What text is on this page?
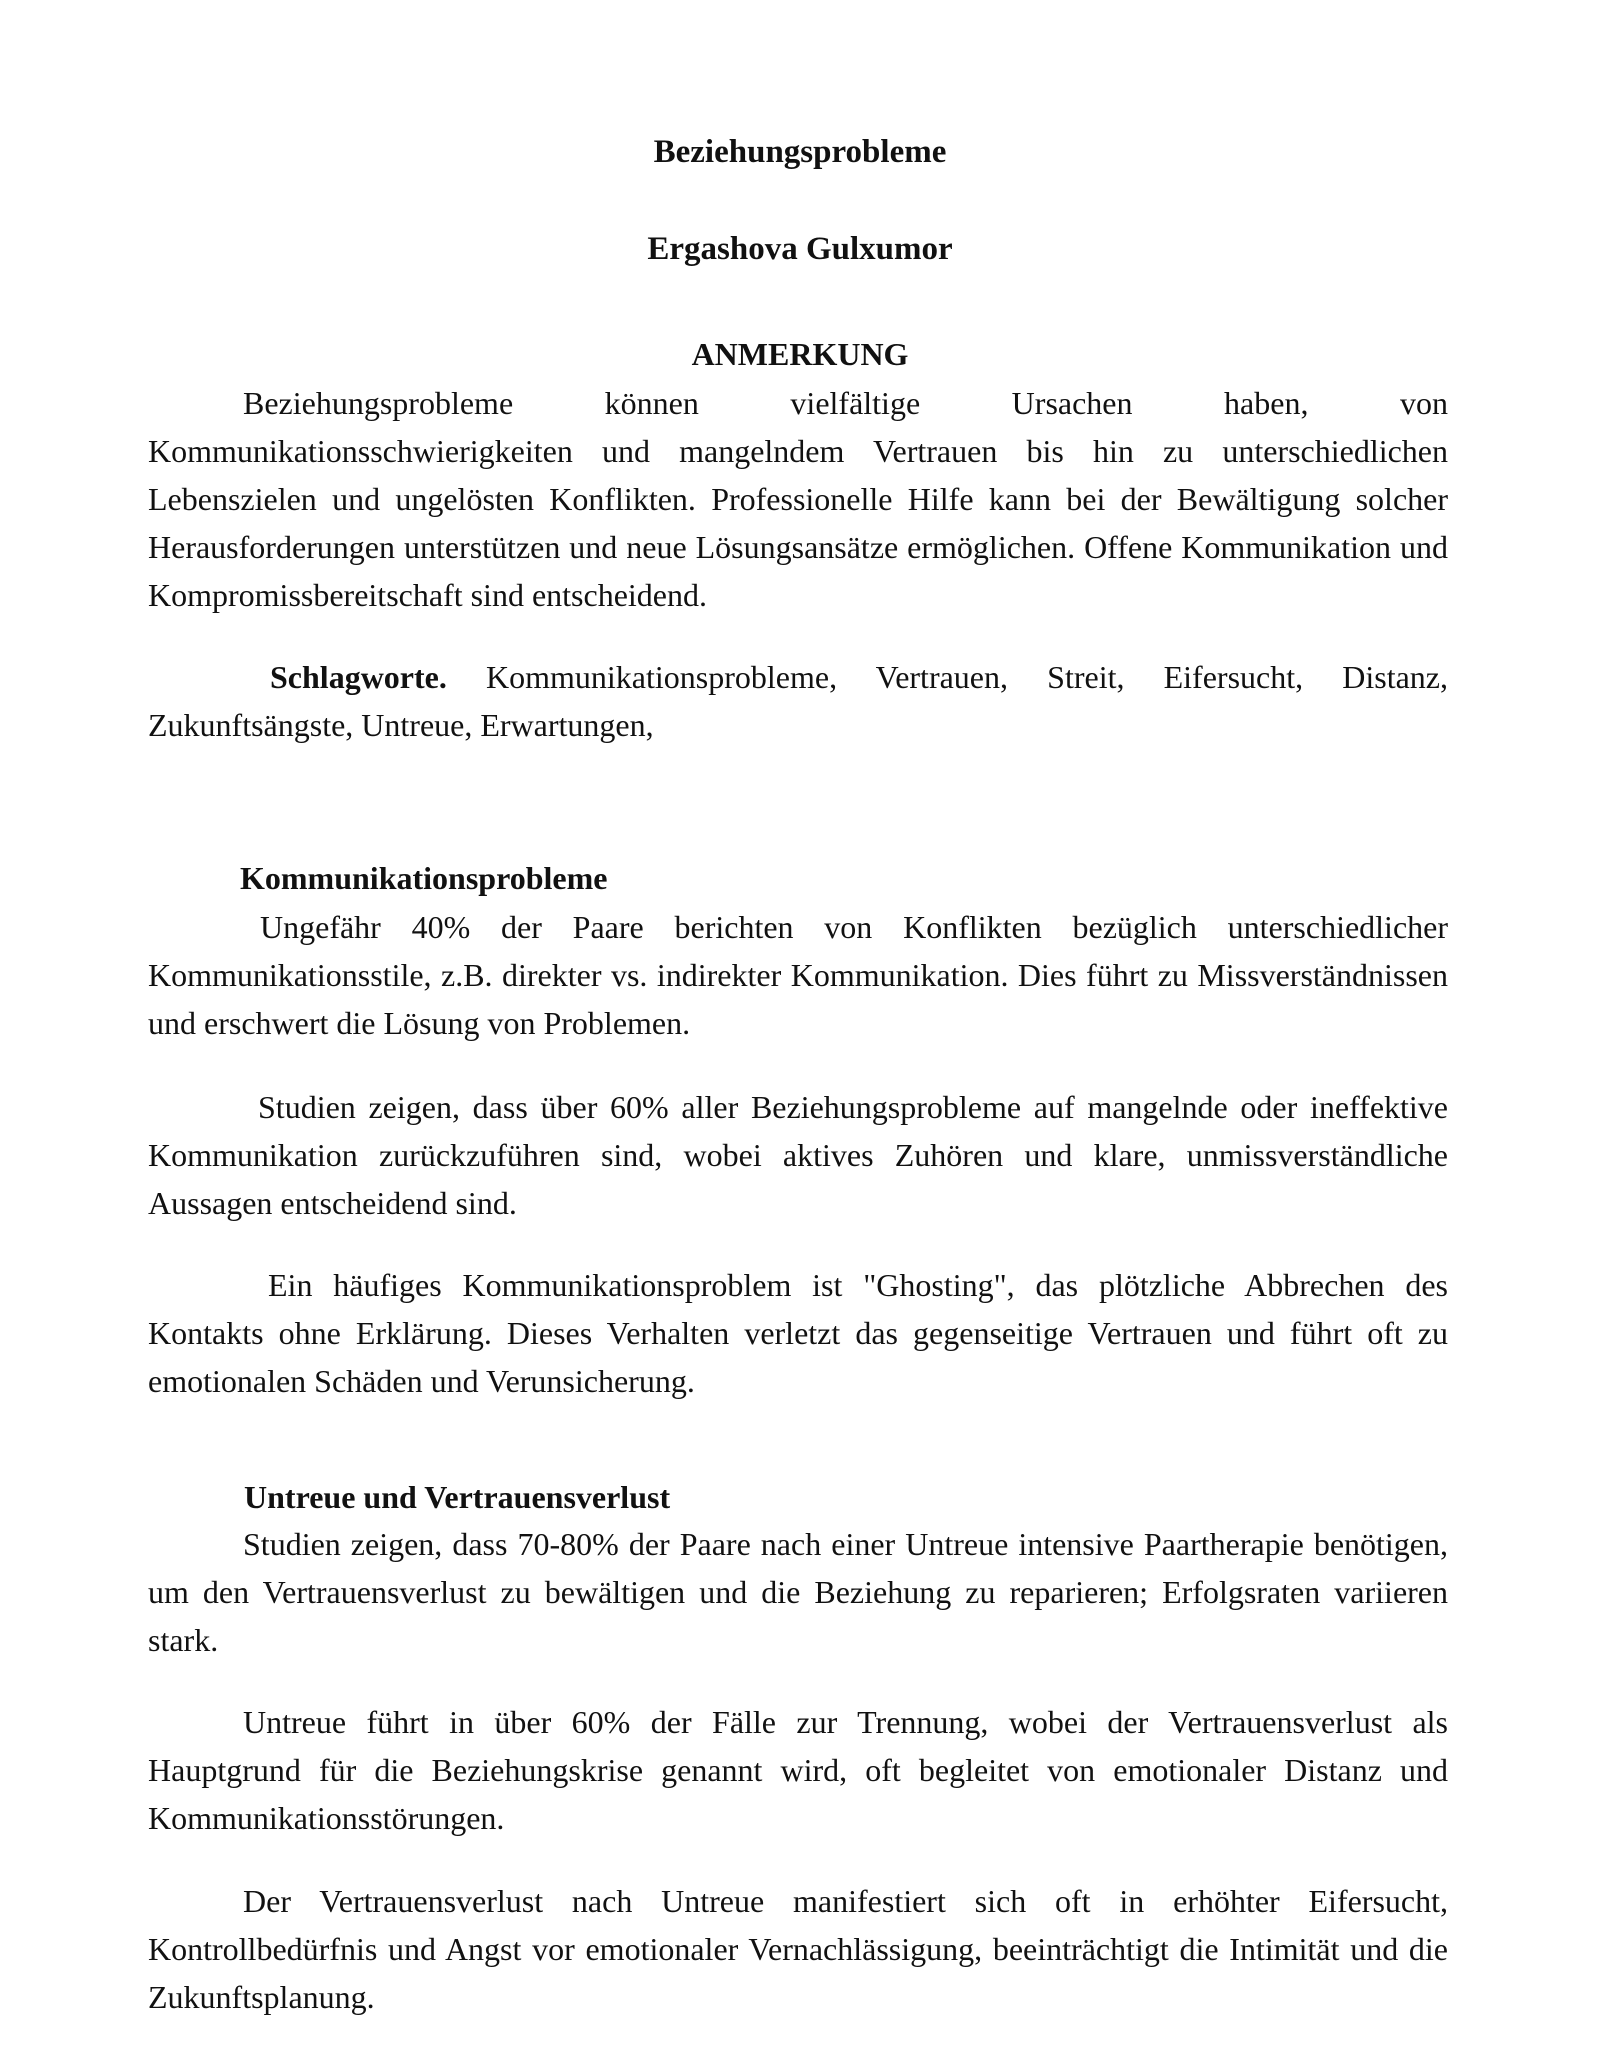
Beziehungsprobleme
Ergashova Gulxumor
ANMERKUNG

Beziehungsprobleme können vielfältige Ursachen haben, von Kommunikationsschwierigkeiten und mangelndem Vertrauen bis hin zu unterschiedlichen Lebenszielen und ungelösten Konflikten. Professionelle Hilfe kann bei der Bewältigung solcher Herausforderungen unterstützen und neue Lösungsansätze ermöglichen. Offene Kommunikation und Kompromissbereitschaft sind entscheidend.

Schlagworte. Kommunikationsprobleme, Vertrauen, Streit, Eifersucht, Distanz, Zukunftsängste, Untreue, Erwartungen,

Kommunikationsprobleme

Ungefähr 40% der Paare berichten von Konflikten bezüglich unterschiedlicher Kommunikationsstile, z.B. direkter vs. indirekter Kommunikation. Dies führt zu Missverständnissen und erschwert die Lösung von Problemen.

Studien zeigen, dass über 60% aller Beziehungsprobleme auf mangelnde oder ineffektive Kommunikation zurückzuführen sind, wobei aktives Zuhören und klare, unmissverständliche Aussagen entscheidend sind.

Ein häufiges Kommunikationsproblem ist "Ghosting", das plötzliche Abbrechen des Kontakts ohne Erklärung. Dieses Verhalten verletzt das gegenseitige Vertrauen und führt oft zu emotionalen Schäden und Verunsicherung.

Untreue und Vertrauensverlust

Studien zeigen, dass 70-80% der Paare nach einer Untreue intensive Paartherapie benötigen, um den Vertrauensverlust zu bewältigen und die Beziehung zu reparieren; Erfolgsraten variieren stark.

Untreue führt in über 60% der Fälle zur Trennung, wobei der Vertrauensverlust als Hauptgrund für die Beziehungskrise genannt wird, oft begleitet von emotionaler Distanz und Kommunikationsstörungen.

Der Vertrauensverlust nach Untreue manifestiert sich oft in erhöhter Eifersucht, Kontrollbedürfnis und Angst vor emotionaler Vernachlässigung, beeinträchtigt die Intimität und die Zukunftsplanung.
